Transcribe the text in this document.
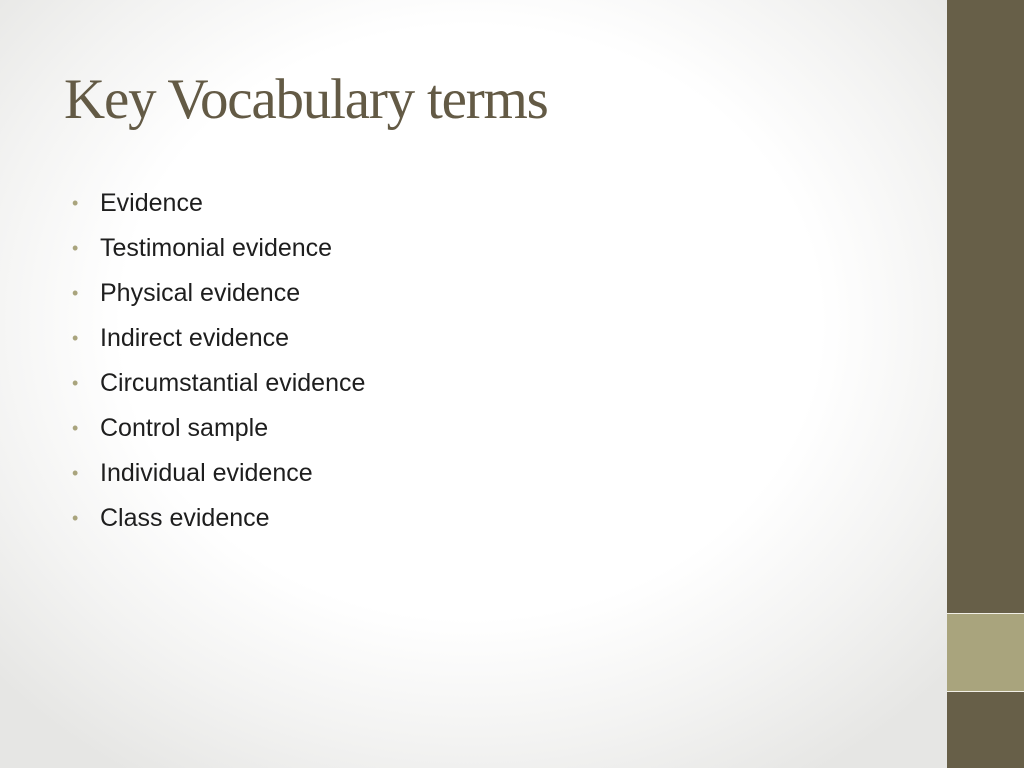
Key Vocabulary terms
• Evidence
• Testimonial evidence
• Physical evidence
• Indirect evidence
• Circumstantial evidence
• Control sample
• Individual evidence
• Class evidence
